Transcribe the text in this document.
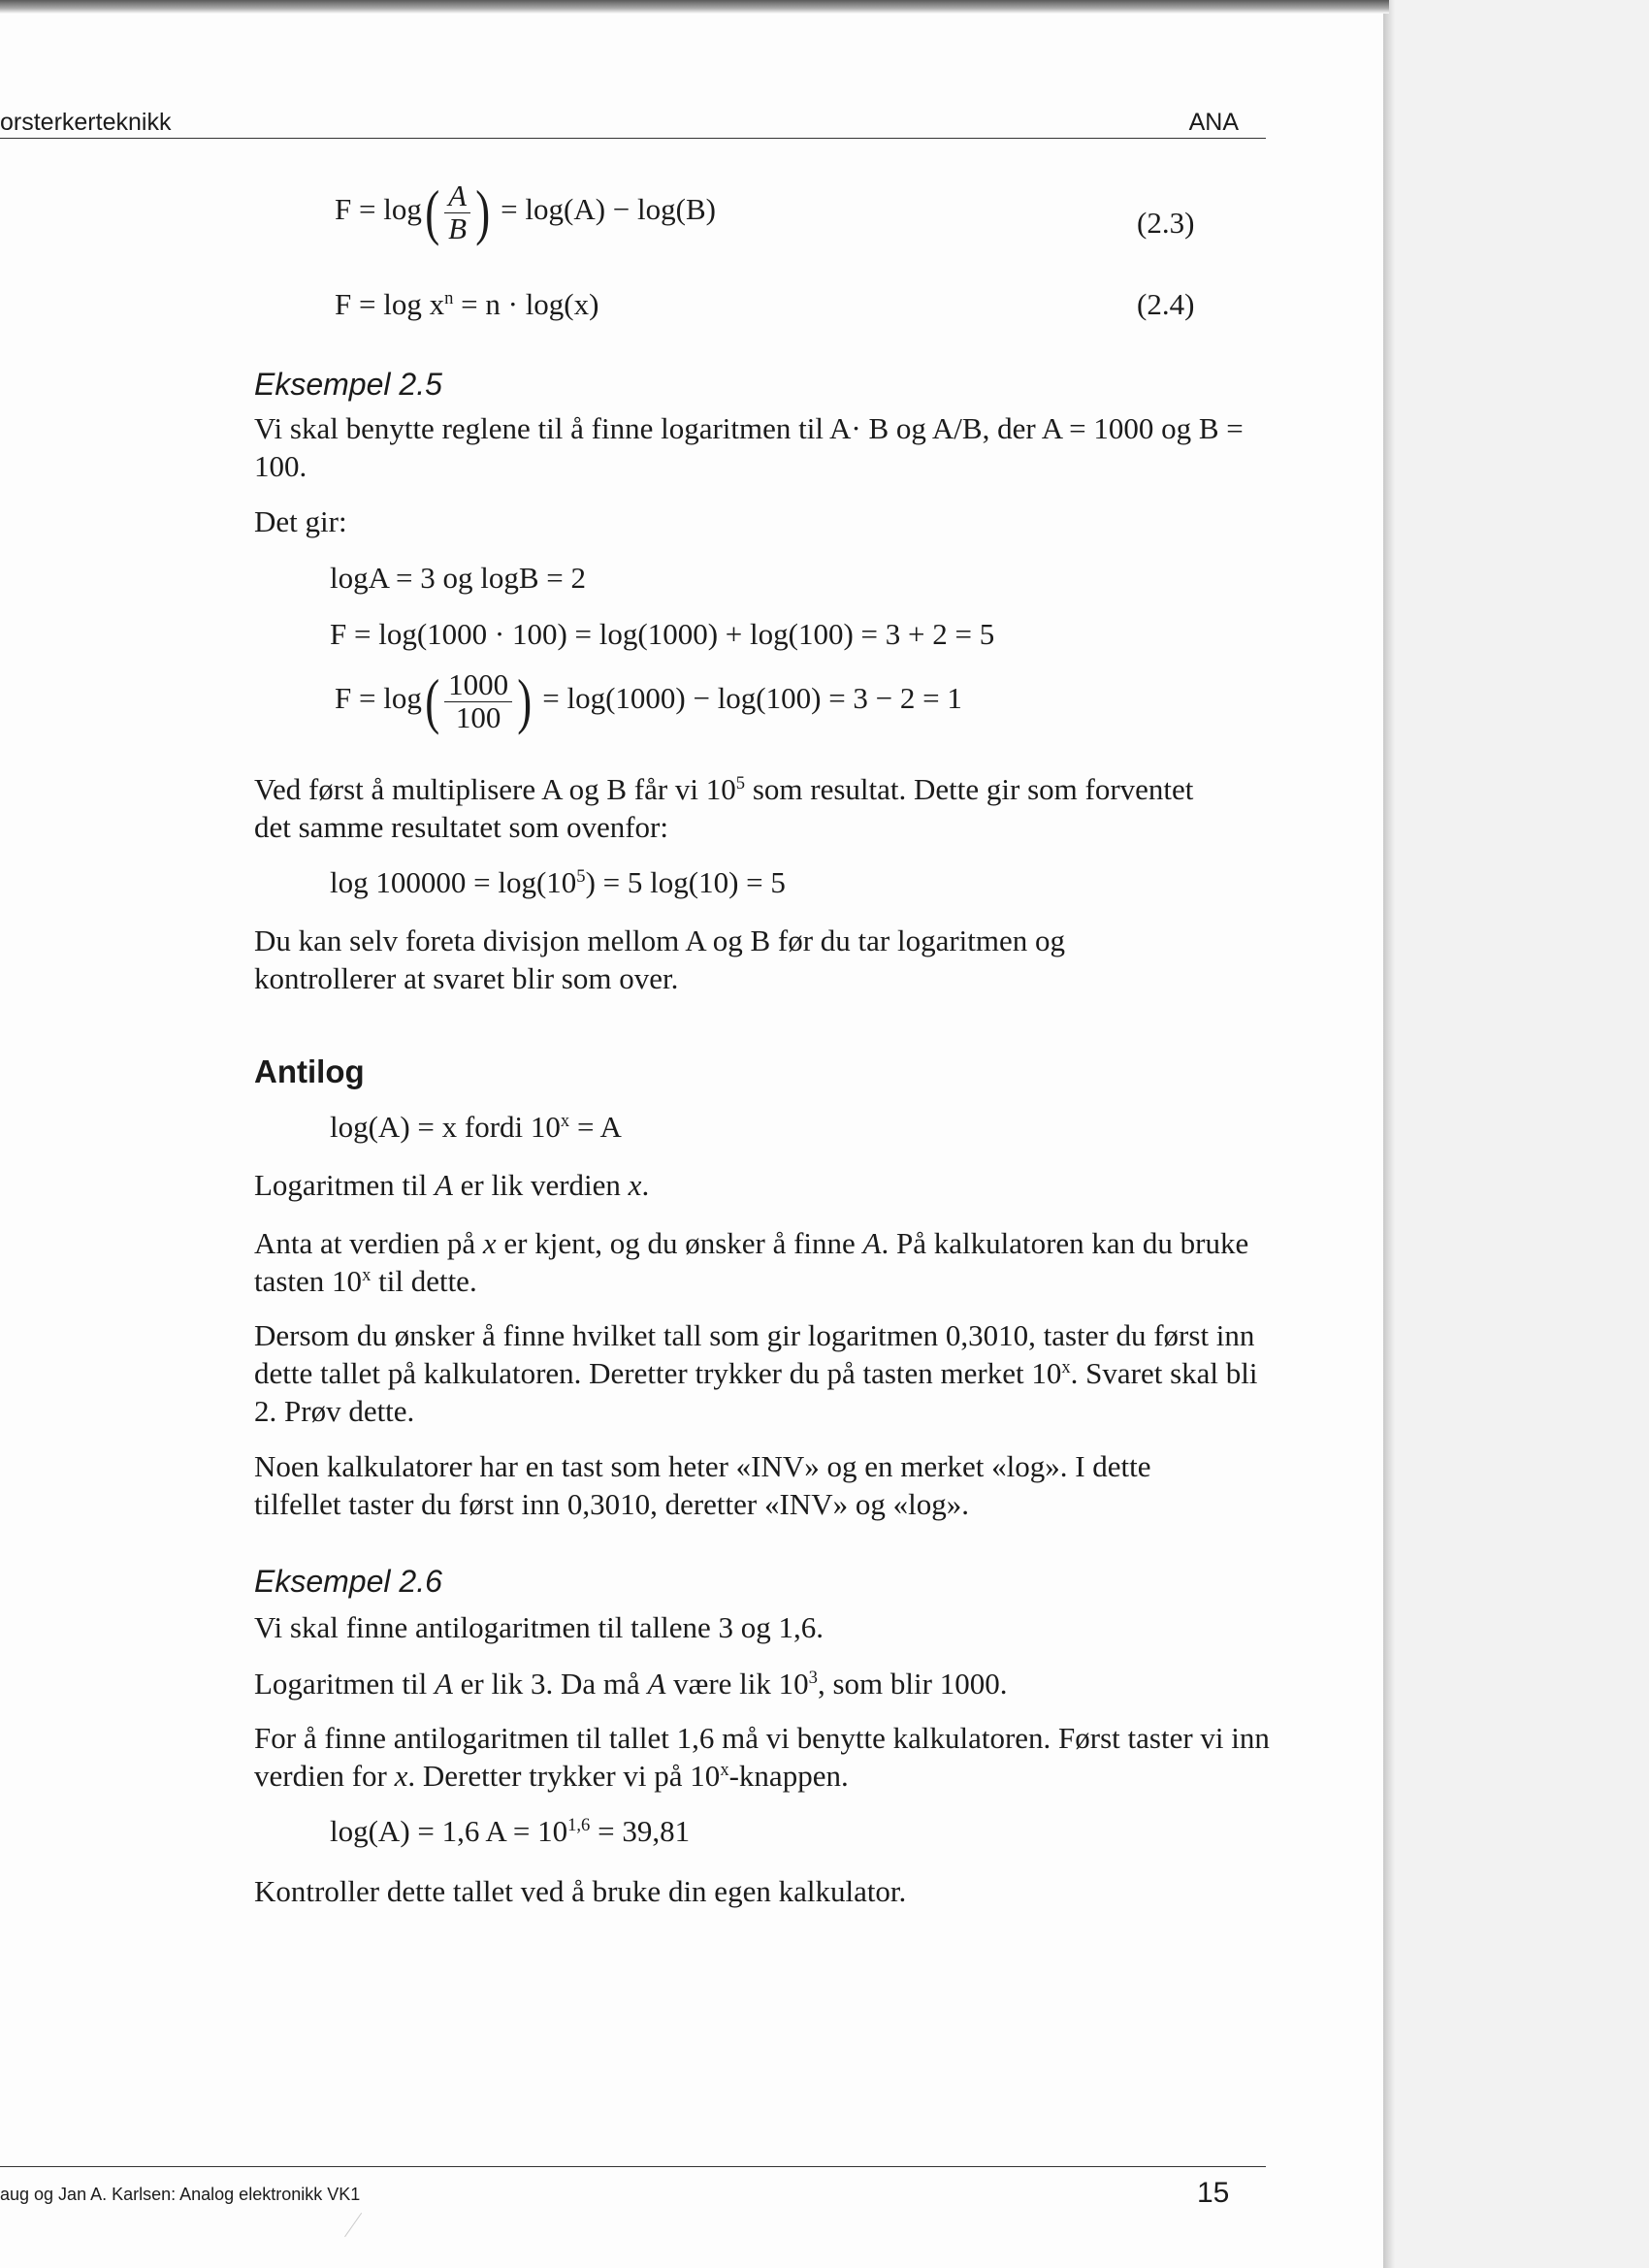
orsterkerteknikk	ANA
$F = \log( \frac{A}{B}$ ) = log(A) − log(B)	(2.3)
$F = \log x^n = n \cdot \log(x)$	(2.4)
Eksempel 2.5
Vi skal benytte reglene til å finne logaritmen til A· B og A/B, der A = 1000 og B = 100.
Det gir:
logA = 3 og logB = 2
F = log(1000 · 100) = log(1000) + log(100) = 3 + 2 = 5
$F = \log( \frac{1000}{100}$ ) = log(1000) − log(100) = 3 − 2 = 1
Ved først å multiplisere A og B får vi $10^5$ som resultat. Dette gir som forventet det samme resultatet som ovenfor:
$\log 100000 = \log(10^5) = 5$ log(10) = 5
Du kan selv foreta divisjon mellom A og B før du tar logaritmen og kontrollerer at svaret blir som over.
Antilog
log(A) = x fordi $10^x = A$
Logaritmen til A er lik verdien x.
Anta at verdien på x er kjent, og du ønsker å finne A. På kalkulatoren kan du bruke tasten 10$^x$ til dette.
Dersom du ønsker å finne hvilket tall som gir logaritmen 0,3010, taster du først inn dette tallet på kalkulatoren. Deretter trykker du på tasten merket 10$^x$. Svaret skal bli 2. Prøv dette.
Noen kalkulatorer har en tast som heter «INV» og en merket «log». I dette tilfellet taster du først inn 0,3010, deretter «INV» og «log».
Eksempel 2.6
Vi skal finne antilogaritmen til tallene 3 og 1,6.
Logaritmen til A er lik 3. Da må A være lik $10^3$, som blir 1000.
For å finne antilogaritmen til tallet 1,6 må vi benytte kalkulatoren. Først taster vi inn verdien for x. Deretter trykker vi på 10$^x$-knappen.
log(A) = 1,6 $A = 10^{1,6} = 39,81$
Kontroller dette tallet ved å bruke din egen kalkulator.
aug og Jan A. Karlsen: Analog elektronikk VK1	15
